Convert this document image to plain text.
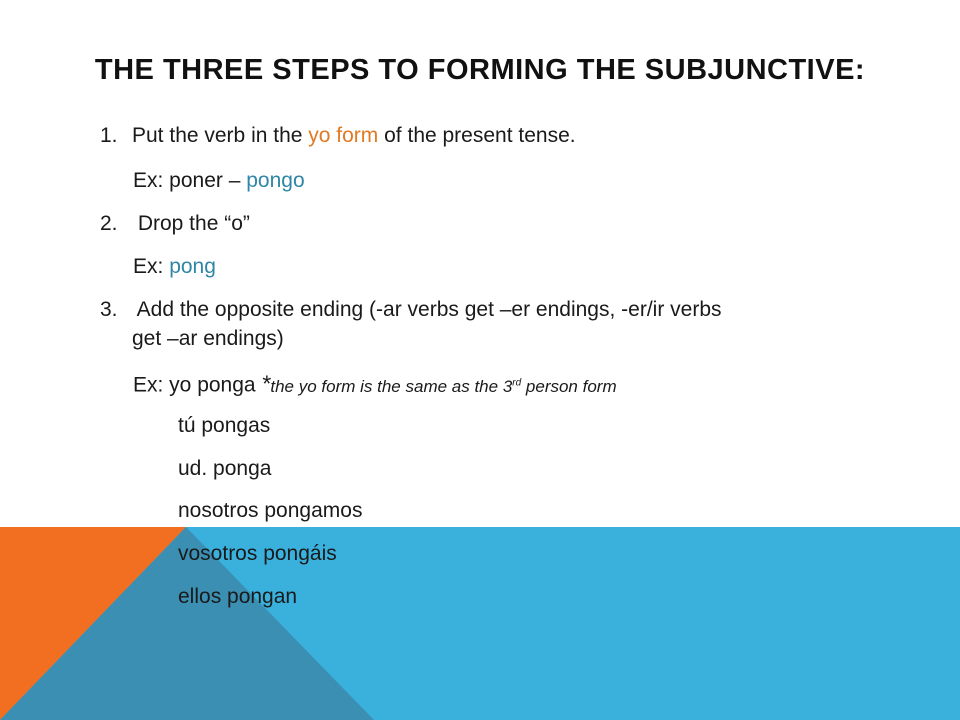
THE THREE STEPS TO FORMING THE SUBJUNCTIVE:
1. Put the verb in the yo form of the present tense.
Ex: poner – pongo
2. Drop the “o”
Ex: pong
3. Add the opposite ending (-ar verbs get –er endings, -er/ir verbs
get –ar endings)
Ex: yo ponga *the yo form is the same as the 3rd person form
tú pongas
ud. ponga
nosotros pongamos
vosotros pongáis
ellos pongan
